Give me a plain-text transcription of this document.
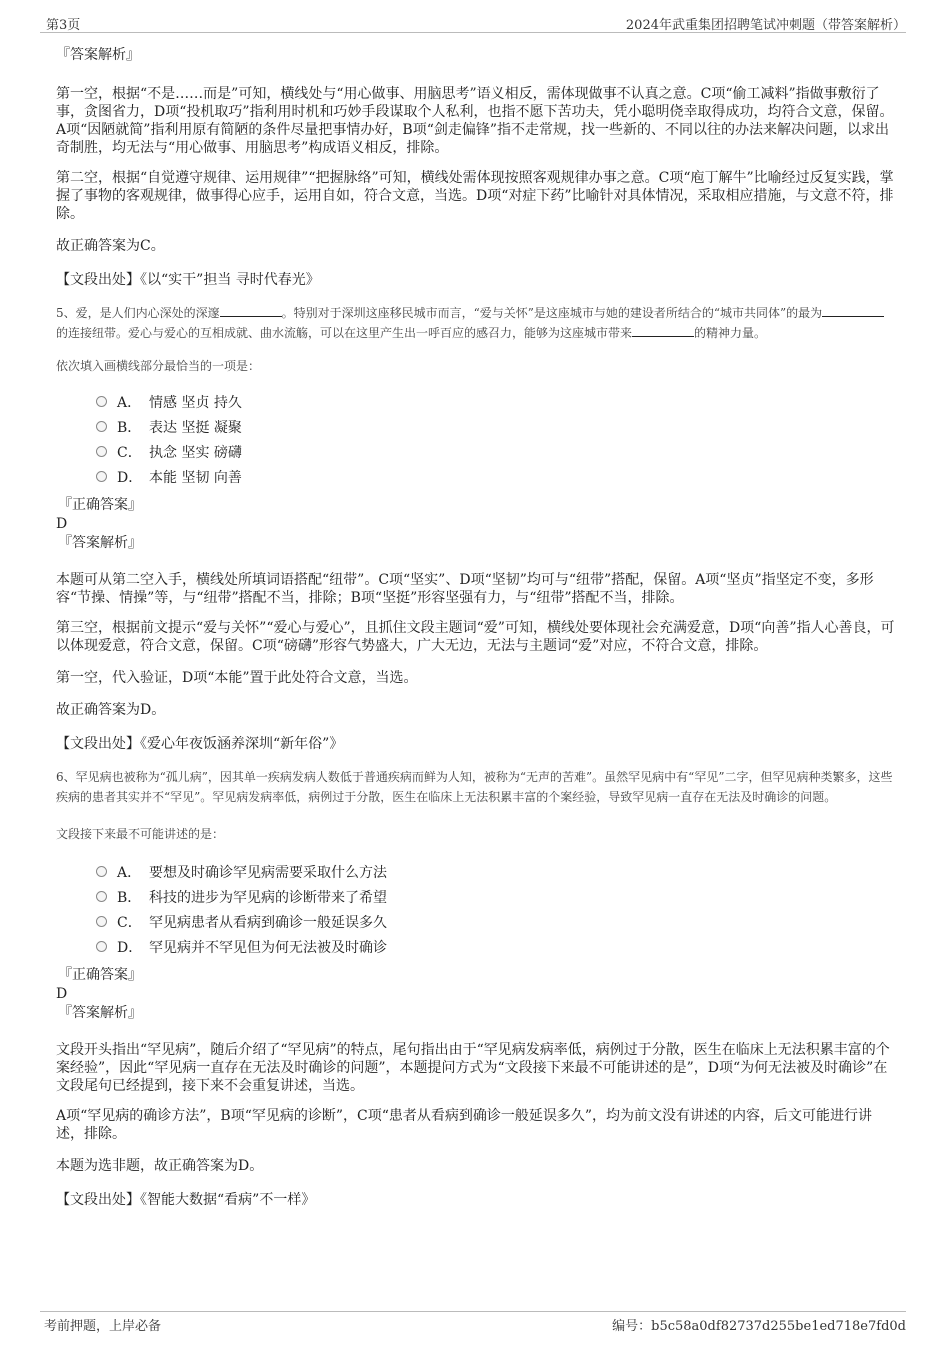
第3页	2024年武重集团招聘笔试冲刺题（带答案解析）

『答案解析』

第一空，根据“不是……而是”可知，横线处与“用心做事、用脑思考”语义相反，需体现做事不认真之意。C项“偷工减料”指做事敷衍了事，贪图省力，D项“投机取巧”指利用时机和巧妙手段谋取个人私利，也指不愿下苦功夫，凭小聪明侥幸取得成功，均符合文意，保留。A项“因陋就简”指利用原有简陋的条件尽量把事情办好，B项“剑走偏锋”指不走常规，找一些新的、不同以往的办法来解决问题，以求出奇制胜，均无法与“用心做事、用脑思考”构成语义相反，排除。

第二空，根据“自觉遵守规律、运用规律”“把握脉络”可知，横线处需体现按照客观规律办事之意。C项“庖丁解牛”比喻经过反复实践，掌握了事物的客观规律，做事得心应手，运用自如，符合文意，当选。D项“对症下药”比喻针对具体情况，采取相应措施，与文意不符，排除。

故正确答案为C。

【文段出处】《以“实干”担当 寻时代春光》

5、爱，是人们内心深处的深邃	。特别对于深圳这座移民城市而言，“爱与关怀”是这座城市与她的建设者所结合的“城市共同体”的最为的连接纽带。爱心与爱心的互相成就、曲水流觞，可以在这里产生出一呼百应的感召力，能够为这座城市带来	的精神力量。

依次填入画横线部分最恰当的一项是：

A． 情感 坚贞 持久
B． 表达 坚挺 凝聚
C． 执念 坚实 磅礴
D． 本能 坚韧 向善

『正确答案』

D

『答案解析』

本题可从第二空入手，横线处所填词语搭配“纽带”。C项“坚实”、D项“坚韧”均可与“纽带”搭配，保留。A项“坚贞”指坚定不变，多形容“节操、情操”等，与“纽带”搭配不当，排除；B项“坚挺”形容坚强有力，与“纽带”搭配不当，排除。

第三空，根据前文提示“爱与关怀”“爱心与爱心”，且抓住文段主题词“爱”可知，横线处要体现社会充满爱意，D项“向善”指人心善良，可以体现爱意，符合文意，保留。C项“磅礴”形容气势盛大，广大无边，无法与主题词“爱”对应，不符合文意，排除。

第一空，代入验证，D项“本能”置于此处符合文意，当选。

故正确答案为D。

【文段出处】《爱心年夜饭涵养深圳“新年俗”》

6、罕见病也被称为“孤儿病”，因其单一疾病发病人数低于普通疾病而鲜为人知，被称为“无声的苦难”。虽然罕见病中有“罕见”二字，但罕见病种类繁多，这些疾病的患者其实并不“罕见”。罕见病发病率低，病例过于分散，医生在临床上无法积累丰富的个案经验，导致罕见病一直存在无法及时确诊的问题。

文段接下来最不可能讲述的是：

A． 要想及时确诊罕见病需要采取什么方法
B． 科技的进步为罕见病的诊断带来了希望
C． 罕见病患者从看病到确诊一般延误多久
D． 罕见病并不罕见但为何无法被及时确诊

『正确答案』

D

『答案解析』

文段开头指出“罕见病”，随后介绍了“罕见病”的特点，尾句指出由于“罕见病发病率低，病例过于分散，医生在临床上无法积累丰富的个案经验”，因此“罕见病一直存在无法及时确诊的问题”，本题提问方式为“文段接下来最不可能讲述的是”，D项“为何无法被及时确诊”在文段尾句已经提到，接下来不会重复讲述，当选。

A项“罕见病的确诊方法”，B项“罕见病的诊断”，C项“患者从看病到确诊一般延误多久”，均为前文没有讲述的内容，后文可能进行讲述，排除。

本题为选非题，故正确答案为D。

【文段出处】《智能大数据“看病”不一样》

考前押题，上岸必备	编号：b5c58a0df82737d255be1ed718e7fd0d
